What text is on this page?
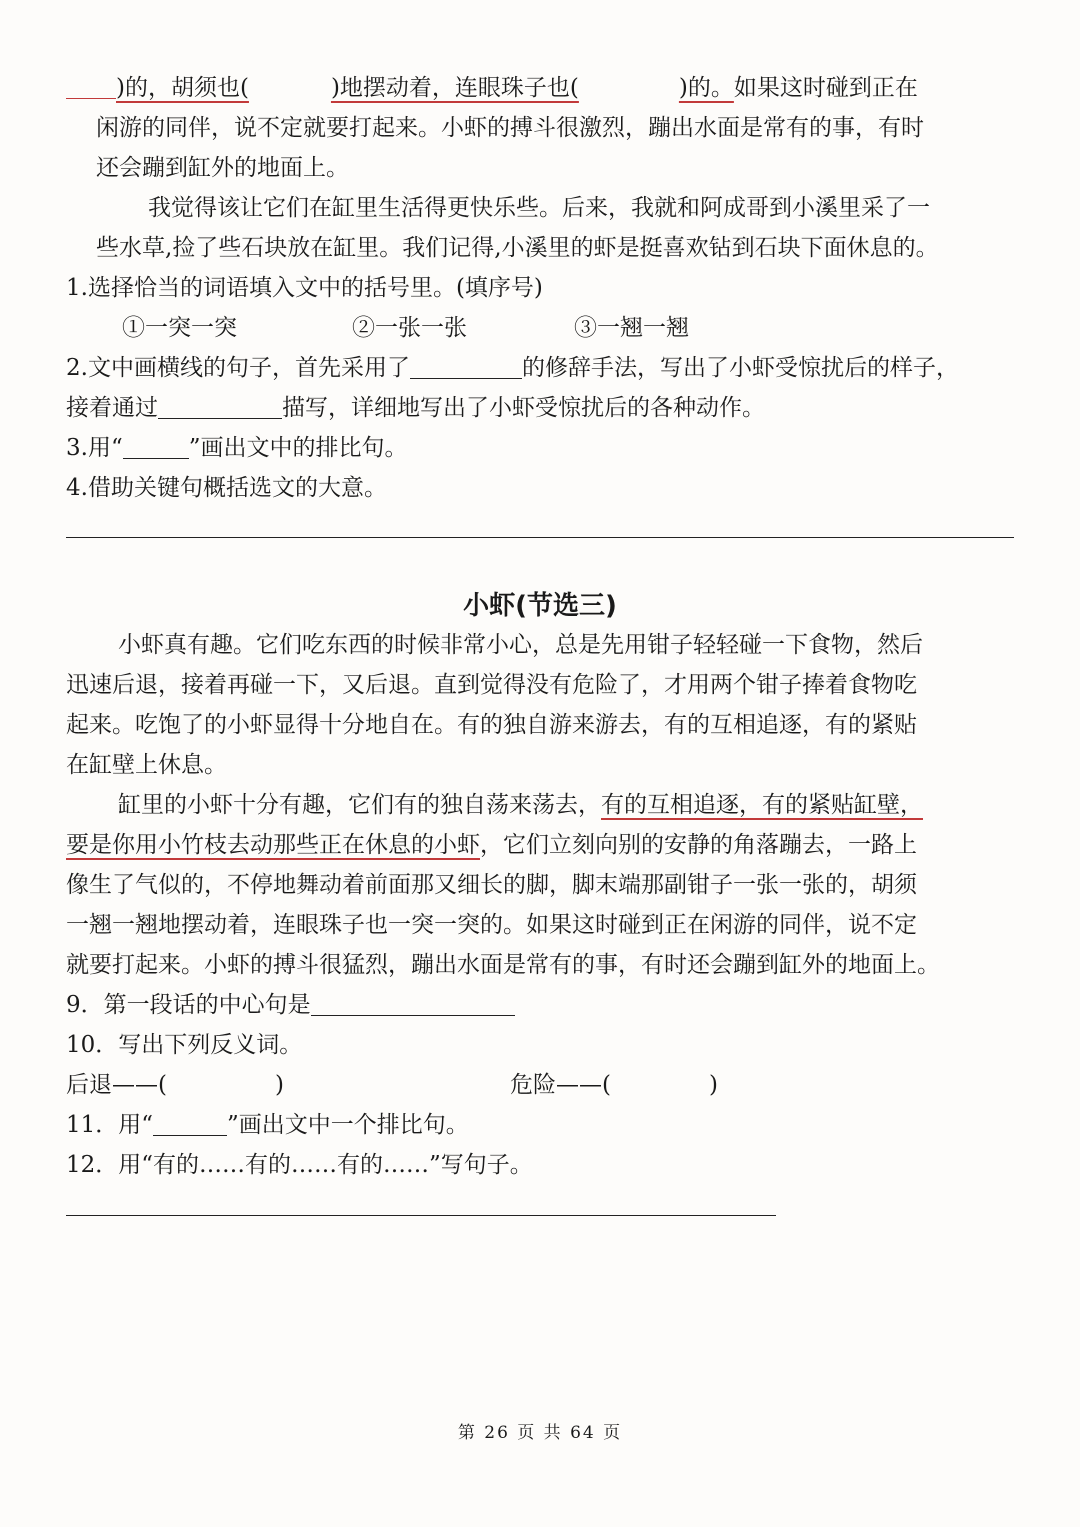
)的，胡须也(	)地摆动着，连眼珠子也(	)的。如果这时碰到正在
闲游的同伴，说不定就要打起来。小虾的搏斗很激烈，蹦出水面是常有的事，有时
还会蹦到缸外的地面上。
我觉得该让它们在缸里生活得更快乐些。后来，我就和阿成哥到小溪里采了一
些水草,捡了些石块放在缸里。我们记得,小溪里的虾是挺喜欢钻到石块下面休息的。
1.选择恰当的词语填入文中的括号里。(填序号)
①一突一突	②一张一张	③一翘一翘
2.文中画横线的句子，首先采用了	的修辞手法，写出了小虾受惊扰后的样子，
接着通过	描写，详细地写出了小虾受惊扰后的各种动作。
3.用“	”画出文中的排比句。
4.借助关键句概括选文的大意。
小虾(节选三)
小虾真有趣。它们吃东西的时候非常小心，总是先用钳子轻轻碰一下食物，然后
迅速后退，接着再碰一下，又后退。直到觉得没有危险了，才用两个钳子捧着食物吃
起来。吃饱了的小虾显得十分地自在。有的独自游来游去，有的互相追逐，有的紧贴
在缸壁上休息。
缸里的小虾十分有趣，它们有的独自荡来荡去，有的互相追逐，有的紧贴缸壁，
要是你用小竹枝去动那些正在休息的小虾，它们立刻向别的安静的角落蹦去，一路上
像生了气似的，不停地舞动着前面那又细长的脚，脚末端那副钳子一张一张的，胡须
一翘一翘地摆动着，连眼珠子也一突一突的。如果这时碰到正在闲游的同伴，说不定
就要打起来。小虾的搏斗很猛烈，蹦出水面是常有的事，有时还会蹦到缸外的地面上。
9．第一段话的中心句是
10．写出下列反义词。
后退——(	)	危险——(	)
11．用“	”画出文中一个排比句。
12．用“有的……有的……有的……”写句子。
第 26 页 共 64 页
